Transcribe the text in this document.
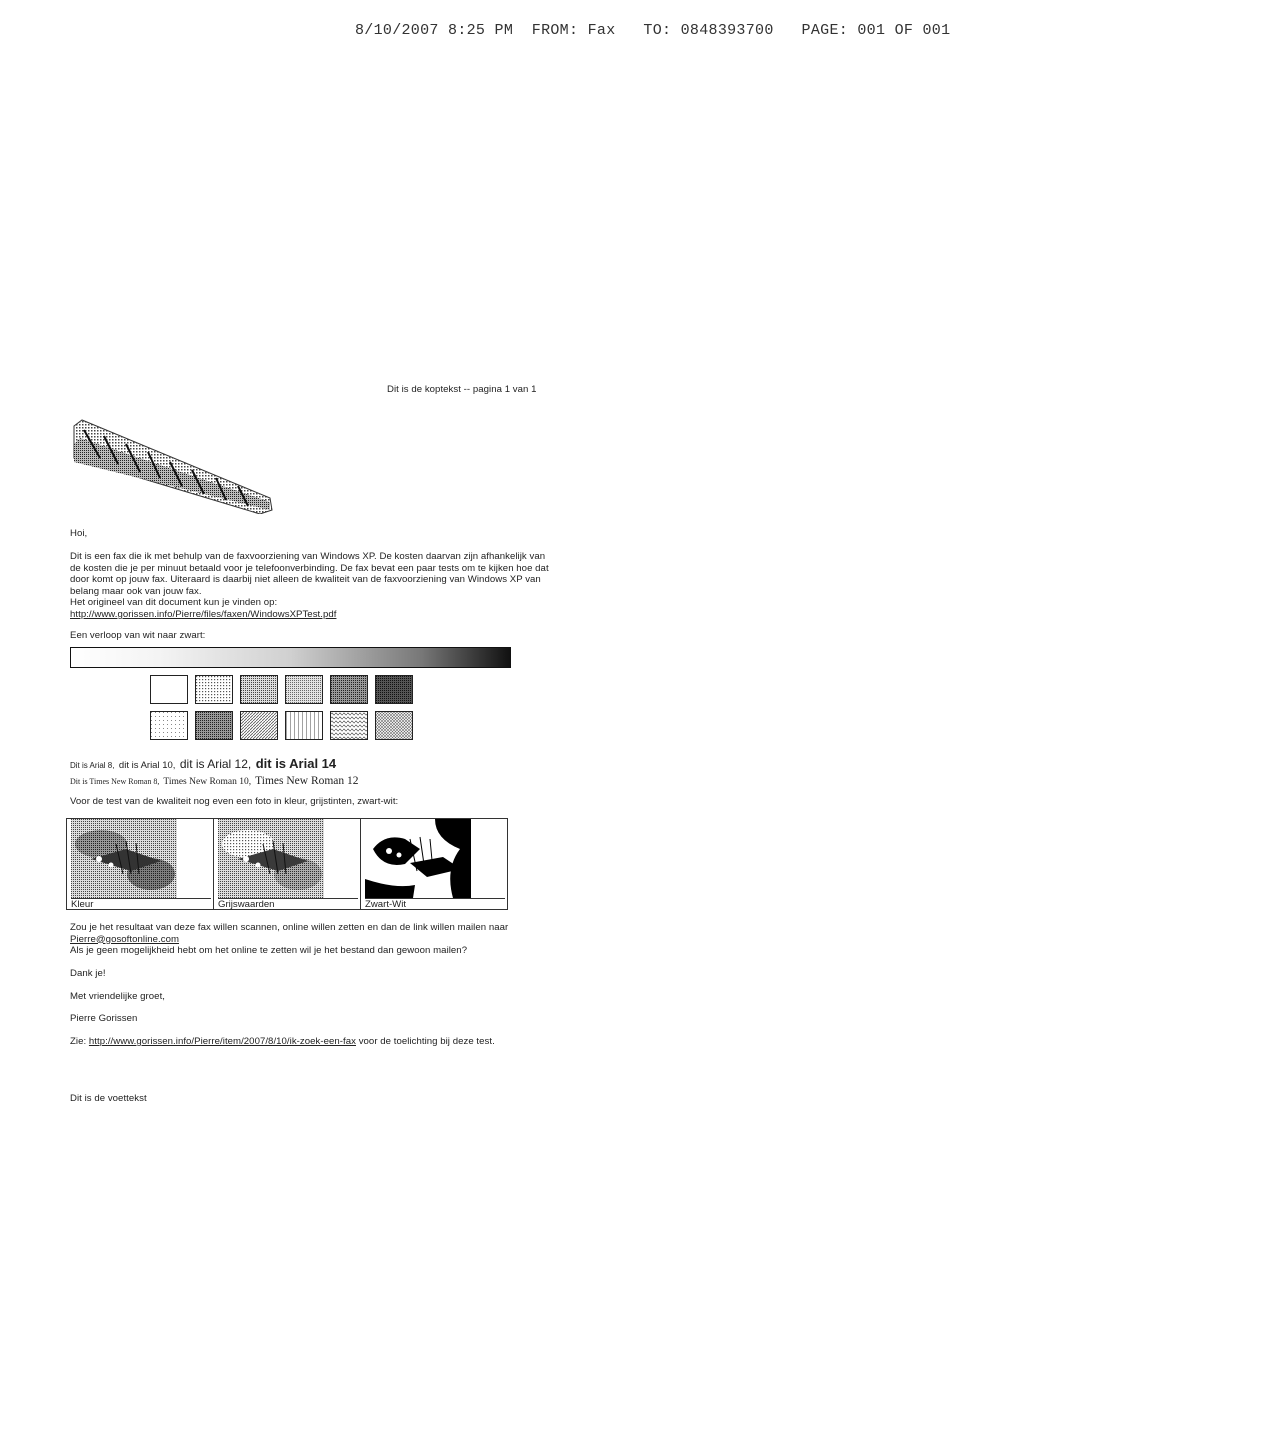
8/10/2007 8:25 PM FROM: Fax TO: 0848393700 PAGE: 001 OF 001
Dit is de koptekst -- pagina 1 van 1
Hoi,
Dit is een fax die ik met behulp van de faxvoorziening van Windows XP. De kosten daarvan zijn afhankelijk van de kosten die je per minuut betaald voor je telefoonverbinding. De fax bevat een paar tests om te kijken hoe dat door komt op jouw fax. Uiteraard is daarbij niet alleen de kwaliteit van de faxvoorziening van Windows XP van belang maar ook van jouw fax.
Het origineel van dit document kun je vinden op:
http://www.gorissen.info/Pierre/files/faxen/WindowsXPTest.pdf
Een verloop van wit naar zwart:
Dit is Arial 8, dit is Arial 10, dit is Arial 12, dit is Arial 14
Dit is Times New Roman 8, Times New Roman 10, Times New Roman 12
Voor de test van de kwaliteit nog even een foto in kleur, grijstinten, zwart-wit:
Kleur	Grijswaarden	Zwart-Wit
Zou je het resultaat van deze fax willen scannen, online willen zetten en dan de link willen mailen naar
Pierre@gosoftonline.com
Als je geen mogelijkheid hebt om het online te zetten wil je het bestand dan gewoon mailen?
Dank je!
Met vriendelijke groet,
Pierre Gorissen
Zie: http://www.gorissen.info/Pierre/item/2007/8/10/ik-zoek-een-fax voor de toelichting bij deze test.
Dit is de voettekst
